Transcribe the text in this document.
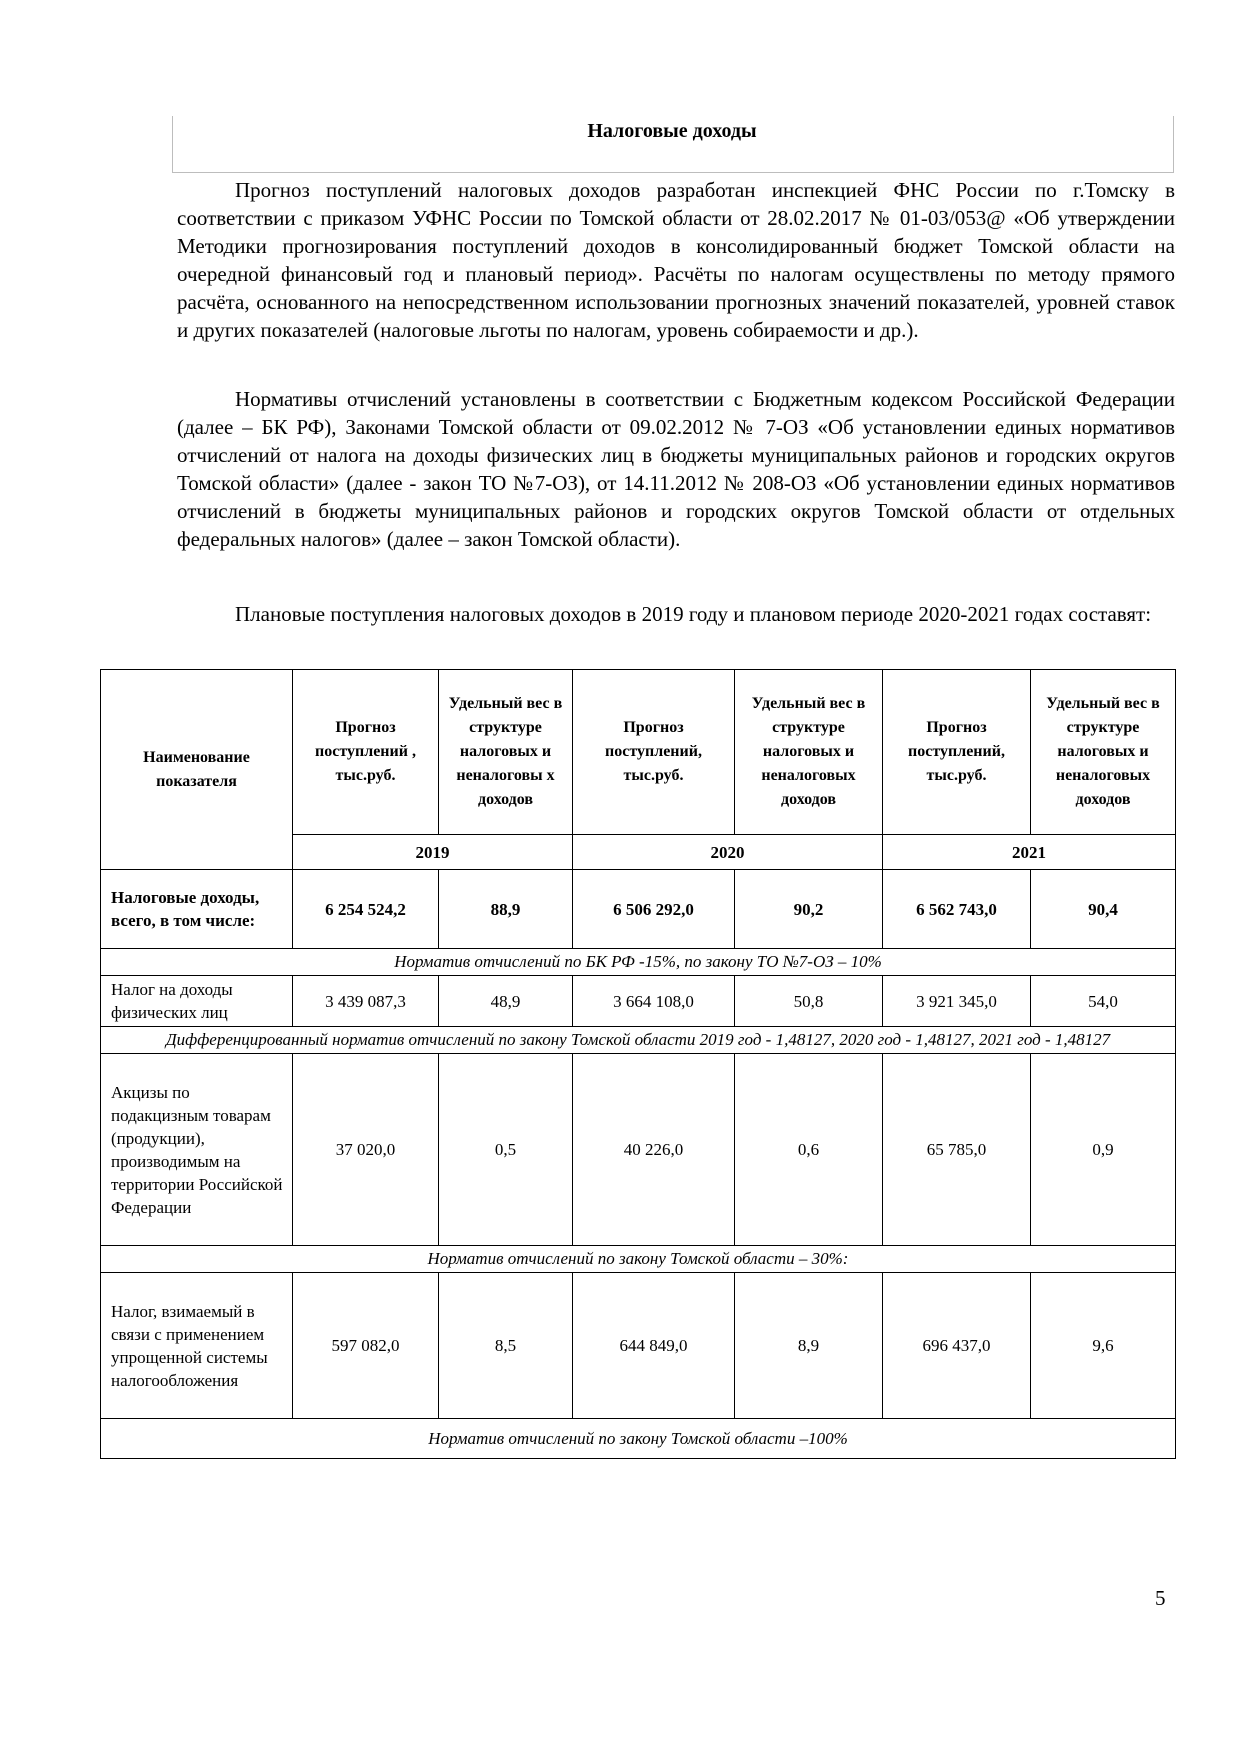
Налоговые доходы

Прогноз поступлений налоговых доходов разработан инспекцией ФНС России по г.Томску в соответствии с приказом УФНС России по Томской области от 28.02.2017 № 01-03/053@ «Об утверждении Методики прогнозирования поступлений доходов в консолидированный бюджет Томской области на очередной финансовый год и плановый период». Расчёты по налогам осуществлены по методу прямого расчёта, основанного на непосредственном использовании прогнозных значений показателей, уровней ставок и других показателей (налоговые льготы по налогам, уровень собираемости и др.).

Нормативы отчислений установлены в соответствии с Бюджетным кодексом Российской Федерации (далее – БК РФ), Законами Томской области от 09.02.2012 № 7-ОЗ «Об установлении единых нормативов отчислений от налога на доходы физических лиц в бюджеты муниципальных районов и городских округов Томской области» (далее - закон ТО №7-ОЗ), от 14.11.2012 № 208-ОЗ «Об установлении единых нормативов отчислений в бюджеты муниципальных районов и городских округов Томской области от отдельных федеральных налогов» (далее – закон Томской области).

Плановые поступления налоговых доходов в 2019 году и плановом периоде 2020-2021 годах составят:

Наименование показателя	Прогноз поступлений , тыс.руб.	Удельный вес в структуре налоговых и неналоговы х доходов	Прогноз поступлений, тыс.руб.	Удельный вес в структуре налоговых и неналоговых доходов	Прогноз поступлений, тыс.руб.	Удельный вес в структуре налоговых и неналоговых доходов
	2019		2020		2021	
Налоговые доходы, всего, в том числе:	6 254 524,2	88,9	6 506 292,0	90,2	6 562 743,0	90,4
Норматив отчислений по БК РФ -15%, по закону ТО №7-ОЗ – 10%						
Налог на доходы физических лиц	3 439 087,3	48,9	3 664 108,0	50,8	3 921 345,0	54,0
Дифференцированный норматив отчислений по закону Томской области 2019 год - 1,48127, 2020 год - 1,48127, 2021 год - 1,48127						
Акцизы по подакцизным товарам (продукции), производимым на территории Российской Федерации	37 020,0	0,5	40 226,0	0,6	65 785,0	0,9
Норматив отчислений по закону Томской области – 30%:						
Налог, взимаемый в связи с применением упрощенной системы налогообложения	597 082,0	8,5	644 849,0	8,9	696 437,0	9,6
Норматив отчислений по закону Томской области –100%						
5
